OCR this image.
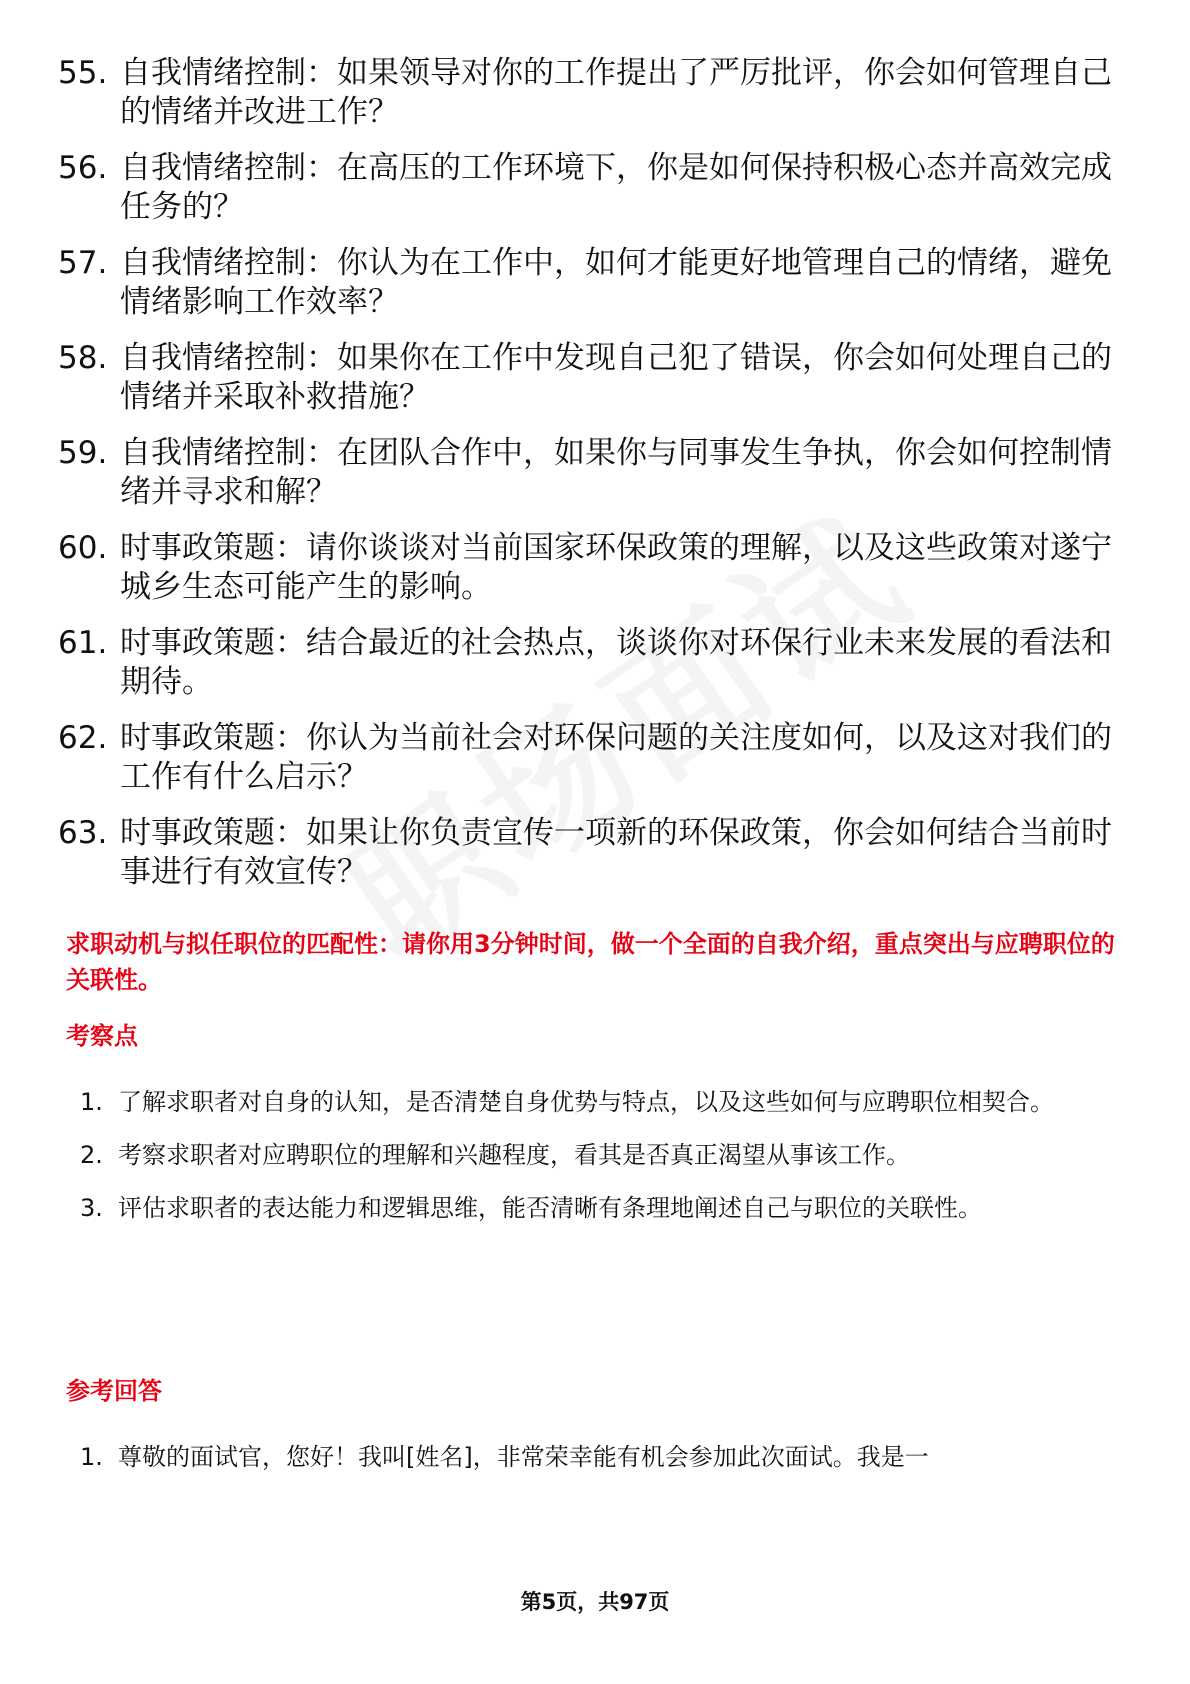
55. 自我情绪控制：如果领导对你的工作提出了严厉批评，你会如何管理自己的情绪并改进工作？
56. 自我情绪控制：在高压的工作环境下，你是如何保持积极心态并高效完成任务的？
57. 自我情绪控制：你认为在工作中，如何才能更好地管理自己的情绪，避免情绪影响工作效率？
58. 自我情绪控制：如果你在工作中发现自己犯了错误，你会如何处理自己的情绪并采取补救措施？
59. 自我情绪控制：在团队合作中，如果你与同事发生争执，你会如何控制情绪并寻求和解？
60. 时事政策题：请你谈谈对当前国家环保政策的理解，以及这些政策对遂宁城乡生态可能产生的影响。
61. 时事政策题：结合最近的社会热点，谈谈你对环保行业未来发展的看法和期待。
62. 时事政策题：你认为当前社会对环保问题的关注度如何，以及这对我们的工作有什么启示？
63. 时事政策题：如果让你负责宣传一项新的环保政策，你会如何结合当前时事进行有效宣传？

求职动机与拟任职位的匹配性：请你用3分钟时间，做一个全面的自我介绍，重点突出与应聘职位的关联性。

考察点
1. 了解求职者对自身的认知，是否清楚自身优势与特点，以及这些如何与应聘职位相契合。
2. 考察求职者对应聘职位的理解和兴趣程度，看其是否真正渴望从事该工作。
3. 评估求职者的表达能力和逻辑思维，能否清晰有条理地阐述自己与职位的关联性。
参考回答
1. 尊敬的面试官，您好！我叫[姓名]，非常荣幸能有机会参加此次面试。我是一
第5页，共97页
